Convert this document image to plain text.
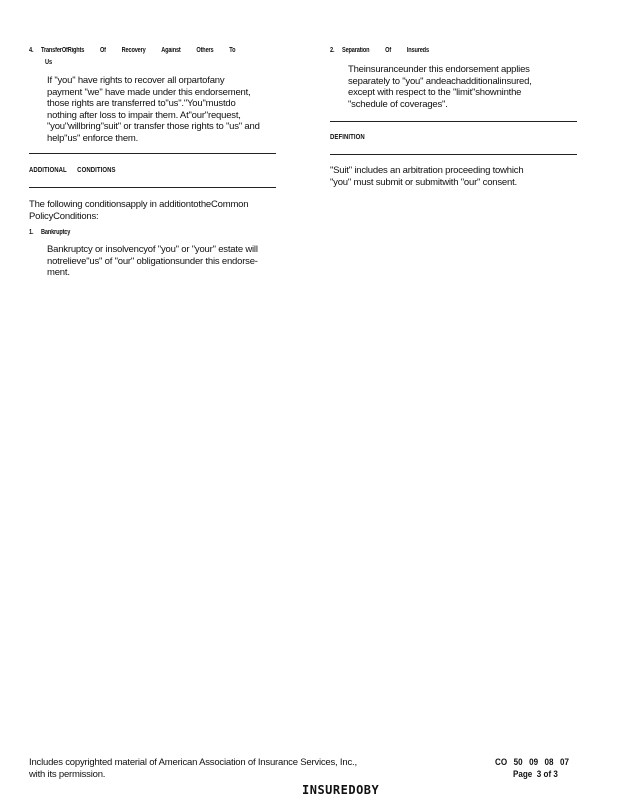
4. TransferOfRights Of Recovery Against Others To
Us
If "you" have rights to recover all orpartofany
payment "we" have made under this endorsement,
those rights are transferred to"us"."You"mustdo
nothing after loss to impair them. At"our"request,
"you"willbring"suit" or transfer those rights to "us" and
help"us" enforce them.
ADDITIONAL      CONDITIONS
The following conditionsapply in additiontotheCommon
PolicyConditions:
1. Bankruptcy
Bankruptcy or insolvencyof "you" or "your" estate will
notrelieve"us" of "our" obligationsunder this endorse-
ment.
2. Separation Of Insureds
Theinsuranceunder this endorsement applies
separately to "you" andeachadditionalinsured,
except with respect to the "limit"showninthe
"schedule of coverages".
DEFINITION
"Suit" includes an arbitration proceeding towhich
"you" must submit or submitwith "our" consent.
Includes copyrighted material of American Association of Insurance Services, Inc.,
with its permission.
CO 50 09 08 07
Page  3 of 3
INSUREDOBY
